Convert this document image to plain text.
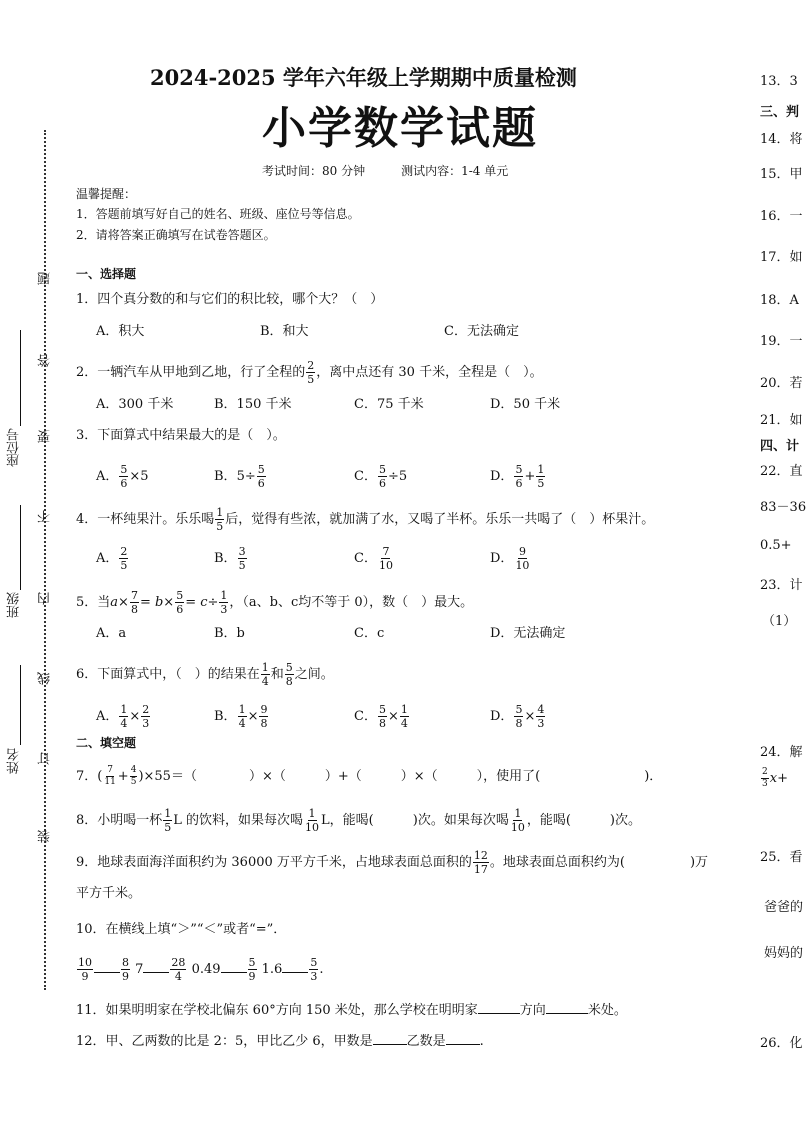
题
答
要
不
内
线
订
装
座位号
班级
姓名
2024-2025 学年六年级上学期期中质量检测
小学数学试题
考试时间：80 分钟　　　测试内容：1-4 单元
温馨提醒：
1．答题前填写好自己的姓名、班级、座位号等信息。
2．请将答案正确填写在试卷答题区。
一、选择题
1．四个真分数的和与它们的积比较，哪个大？（　）
A．积大	B．和大	C．无法确定
2．一辆汽车从甲地到乙地，行了全程的 $\frac{2}{5}$ ，离中点还有 30 千米，全程是（　）。
A．300 千米	B．150 千米	C．75 千米	D．50 千米
3．下面算式中结果最大的是（　）。
A． $\frac{5}{6} \times 5$	B．$5\div \frac{5}{6}$	C． $\frac{5}{6} \div 5$	D． $\frac{5}{6} + \frac{1}{5}$
4．一杯纯果汁。乐乐喝 $\frac{1}{5}$ 后，觉得有些浓，就加满了水，又喝了半杯。乐乐一共喝了（　）杯果汁。
A． $\frac{2}{5}$	B． $\frac{3}{5}$	C． $\frac{7}{10}$	D． $\frac{9}{10}$
5．当$a\times \frac{7}{8} = b\times \frac{5}{6} = c\div \frac{1}{3}$ ，（a、b、c均不等于 0），数（　）最大。
A．a	B．b	C．c	D．无法确定
6．下面算式中，（　）的结果在 $\frac{1}{4}$ 和 $\frac{5}{8}$ 之间。
A． $\frac{1}{4} \times \frac{2}{3}$	B． $\frac{1}{4} \times \frac{9}{8}$	C． $\frac{5}{8} \times \frac{1}{4}$	D． $\frac{5}{8} \times \frac{4}{3}$
二、填空题
7．( $\frac{7}{11} + \frac{4}{5} )\times 55=$（　　　　）×（　　　）+（　　　）×（　　　），使用了(　　　　　　　　)．
8．小明喝一杯 $\frac{1}{5}$ L 的饮料，如果每次喝 $\frac{1}{10}$ L，能喝(　　　)次。如果每次喝 $\frac{1}{10}$ ，能喝(　　　)次。
9．地球表面海洋面积约为 36000 万平方千米，占地球表面总面积的 $\frac{12}{17}$ 。地球表面总面积约为(　　　　　)万
平方千米。
10．在横线上填“＞”“＜”或者“=”．
$\frac{10}{9}$	$\frac{8}{9} 7 \frac{28}{4} 0.49 \frac{5}{9} 1.6 \frac{5}{3}$ .
11．如果明明家在学校北偏东 60°方向 150 米处，那么学校在明明家	方向	米处。
12．甲、乙两数的比是 2：5，甲比乙少 6，甲数是	乙数是	.
13．3
三、判
14．将
15．甲
16．一
17．如
18．A
19．一
20．若
21．如
四、计
22．直
83－36
0.5+
23．计
（1）
24．解
$\frac{2}{3} x+$
25．看
爸爸的
妈妈的
26．化
